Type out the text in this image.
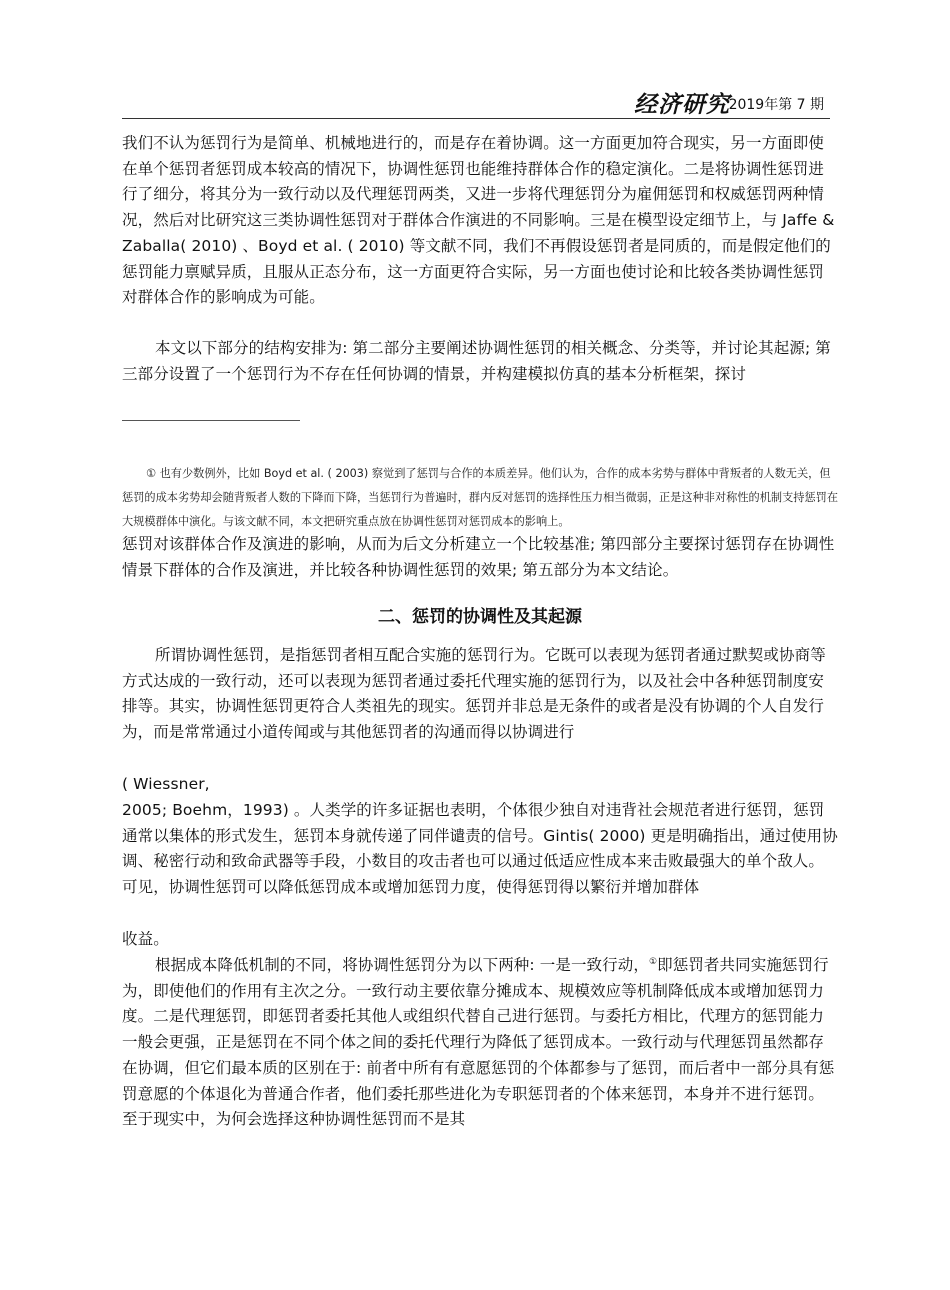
经济研究
2019年第 7 期

我们不认为惩罚行为是简单、机械地进行的，而是存在着协调。这一方面更加符合现实，另一方面即使在单个惩罚者惩罚成本较高的情况下，协调性惩罚也能维持群体合作的稳定演化。二是将协调性惩罚进行了细分，将其分为一致行动以及代理惩罚两类，又进一步将代理惩罚分为雇佣惩罚和权威惩罚两种情况，然后对比研究这三类协调性惩罚对于群体合作演进的不同影响。三是在模型设定细节上，与 Jaffe & Zaballa( 2010) 、Boyd et al. ( 2010) 等文献不同，我们不再假设惩罚者是同质的，而是假定他们的惩罚能力禀赋异质，且服从正态分布，这一方面更符合实际，另一方面也使讨论和比较各类协调性惩罚对群体合作的影响成为可能。

本文以下部分的结构安排为: 第二部分主要阐述协调性惩罚的相关概念、分类等，并讨论其起源; 第三部分设置了一个惩罚行为不存在任何协调的情景，并构建模拟仿真的基本分析框架，探讨

① 也有少数例外，比如 Boyd et al. ( 2003) 察觉到了惩罚与合作的本质差异。他们认为，合作的成本劣势与群体中背叛者的人数无关，但惩罚的成本劣势却会随背叛者人数的下降而下降，当惩罚行为普遍时，群内反对惩罚的选择性压力相当微弱，正是这种非对称性的机制支持惩罚在大规模群体中演化。与该文献不同，本文把研究重点放在协调性惩罚对惩罚成本的影响上。

惩罚对该群体合作及演进的影响，从而为后文分析建立一个比较基准; 第四部分主要探讨惩罚存在协调性情景下群体的合作及演进，并比较各种协调性惩罚的效果; 第五部分为本文结论。

二、惩罚的协调性及其起源

所谓协调性惩罚，是指惩罚者相互配合实施的惩罚行为。它既可以表现为惩罚者通过默契或协商等方式达成的一致行动，还可以表现为惩罚者通过委托代理实施的惩罚行为，以及社会中各种惩罚制度安排等。其实，协调性惩罚更符合人类祖先的现实。惩罚并非总是无条件的或者是没有协调的个人自发行为，而是常常通过小道传闻或与其他惩罚者的沟通而得以协调进行

( Wiessner,

2005; Boehm，1993) 。人类学的许多证据也表明，个体很少独自对违背社会规范者进行惩罚，惩罚通常以集体的形式发生，惩罚本身就传递了同伴谴责的信号。Gintis( 2000) 更是明确指出，通过使用协调、秘密行动和致命武器等手段，小数目的攻击者也可以通过低适应性成本来击败最强大的单个敌人。可见，协调性惩罚可以降低惩罚成本或增加惩罚力度，使得惩罚得以繁衍并增加群体

收益。

根据成本降低机制的不同，将协调性惩罚分为以下两种: 一是一致行动，①即惩罚者共同实施惩罚行为，即使他们的作用有主次之分。一致行动主要依靠分摊成本、规模效应等机制降低成本或增加惩罚力度。二是代理惩罚，即惩罚者委托其他人或组织代替自己进行惩罚。与委托方相比，代理方的惩罚能力一般会更强，正是惩罚在不同个体之间的委托代理行为降低了惩罚成本。一致行动与代理惩罚虽然都存在协调，但它们最本质的区别在于: 前者中所有有意愿惩罚的个体都参与了惩罚，而后者中一部分具有惩罚意愿的个体退化为普通合作者，他们委托那些进化为专职惩罚者的个体来惩罚，本身并不进行惩罚。至于现实中，为何会选择这种协调性惩罚而不是其
